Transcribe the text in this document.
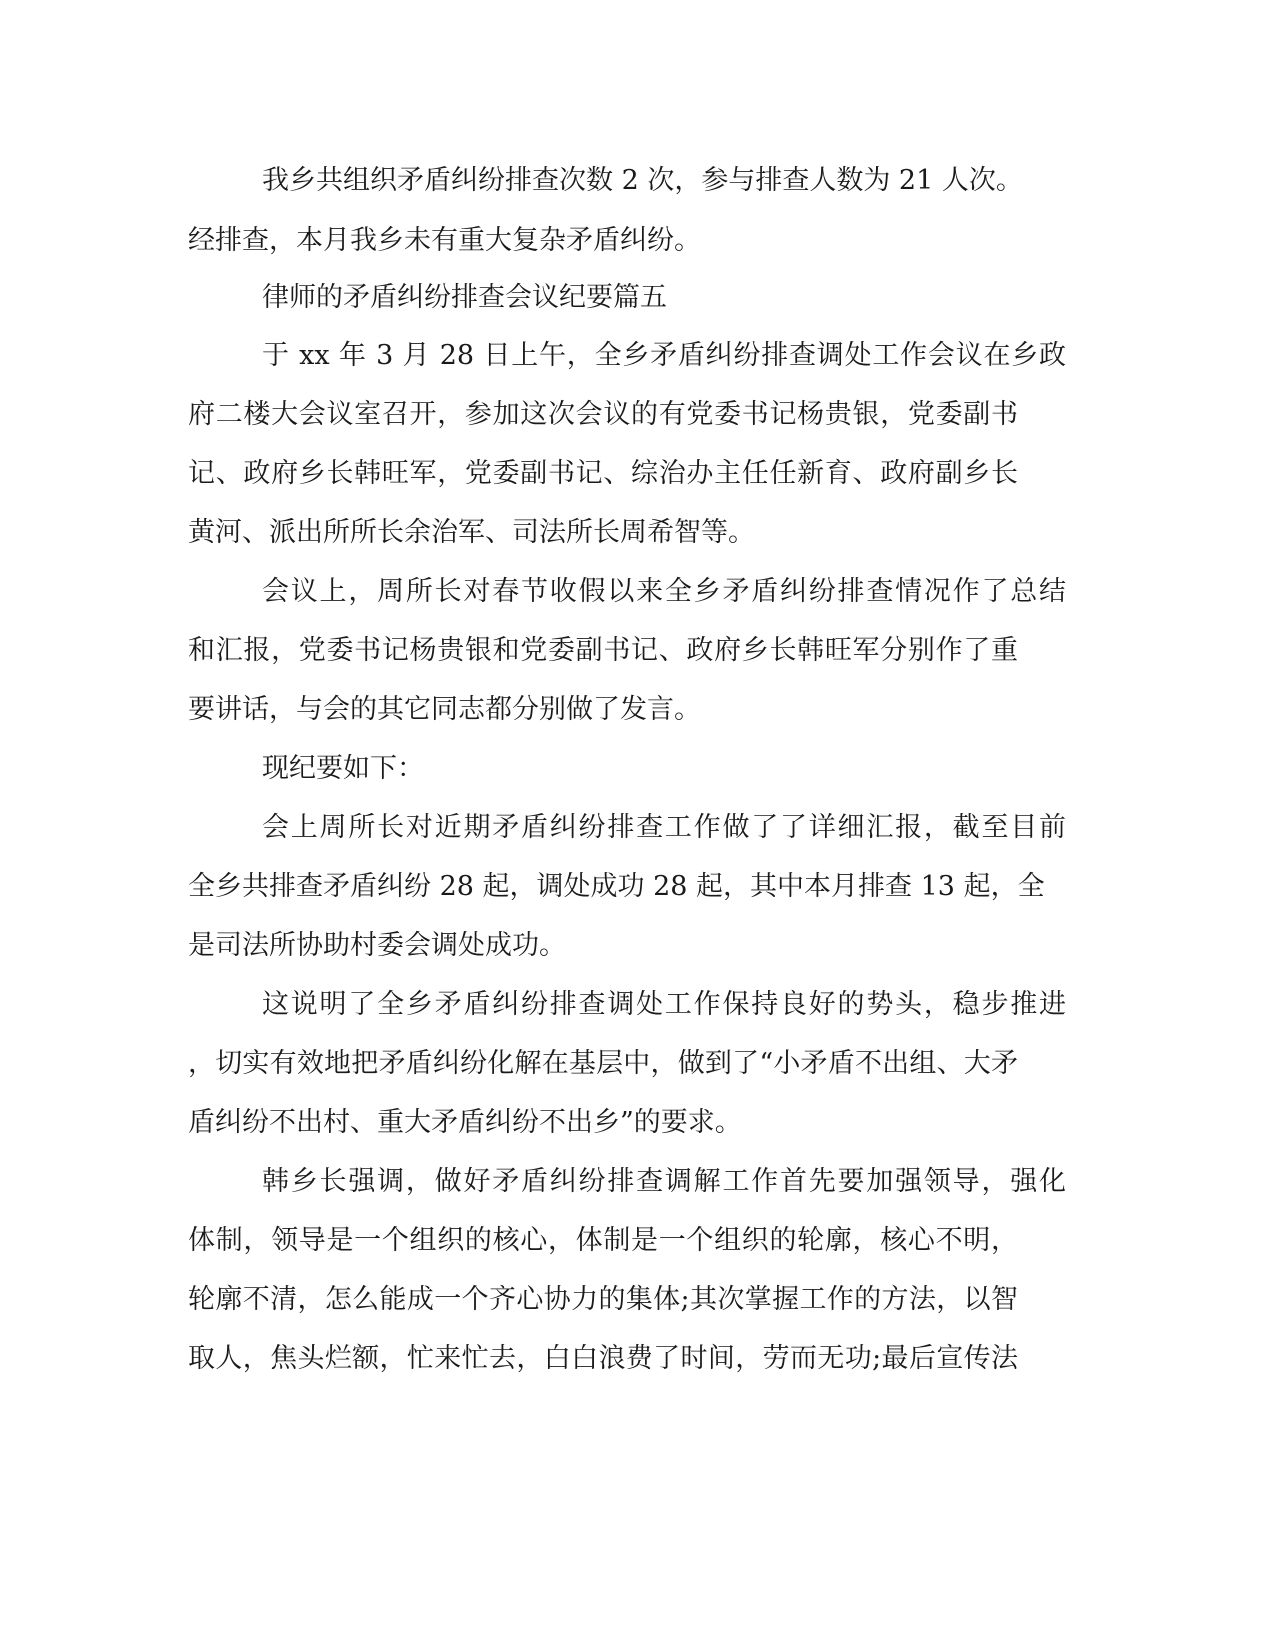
我乡共组织矛盾纠纷排查次数 2 次，参与排查人数为 21 人次。
经排查，本月我乡未有重大复杂矛盾纠纷。
律师的矛盾纠纷排查会议纪要篇五
于 xx 年 3 月 28 日上午，全乡矛盾纠纷排查调处工作会议在乡政
府二楼大会议室召开，参加这次会议的有党委书记杨贵银，党委副书
记、政府乡长韩旺军，党委副书记、综治办主任任新育、政府副乡长
黄河、派出所所长余治军、司法所长周希智等。
会议上，周所长对春节收假以来全乡矛盾纠纷排查情况作了总结
和汇报，党委书记杨贵银和党委副书记、政府乡长韩旺军分别作了重
要讲话，与会的其它同志都分别做了发言。
现纪要如下：
会上周所长对近期矛盾纠纷排查工作做了了详细汇报，截至目前
全乡共排查矛盾纠纷 28 起，调处成功 28 起，其中本月排查 13 起，全
是司法所协助村委会调处成功。
这说明了全乡矛盾纠纷排查调处工作保持良好的势头，稳步推进
，切实有效地把矛盾纠纷化解在基层中，做到了“小矛盾不出组、大矛
盾纠纷不出村、重大矛盾纠纷不出乡”的要求。
韩乡长强调，做好矛盾纠纷排查调解工作首先要加强领导，强化
体制，领导是一个组织的核心，体制是一个组织的轮廓，核心不明，
轮廓不清，怎么能成一个齐心协力的集体;其次掌握工作的方法，以智
取人，焦头烂额，忙来忙去，白白浪费了时间，劳而无功;最后宣传法
